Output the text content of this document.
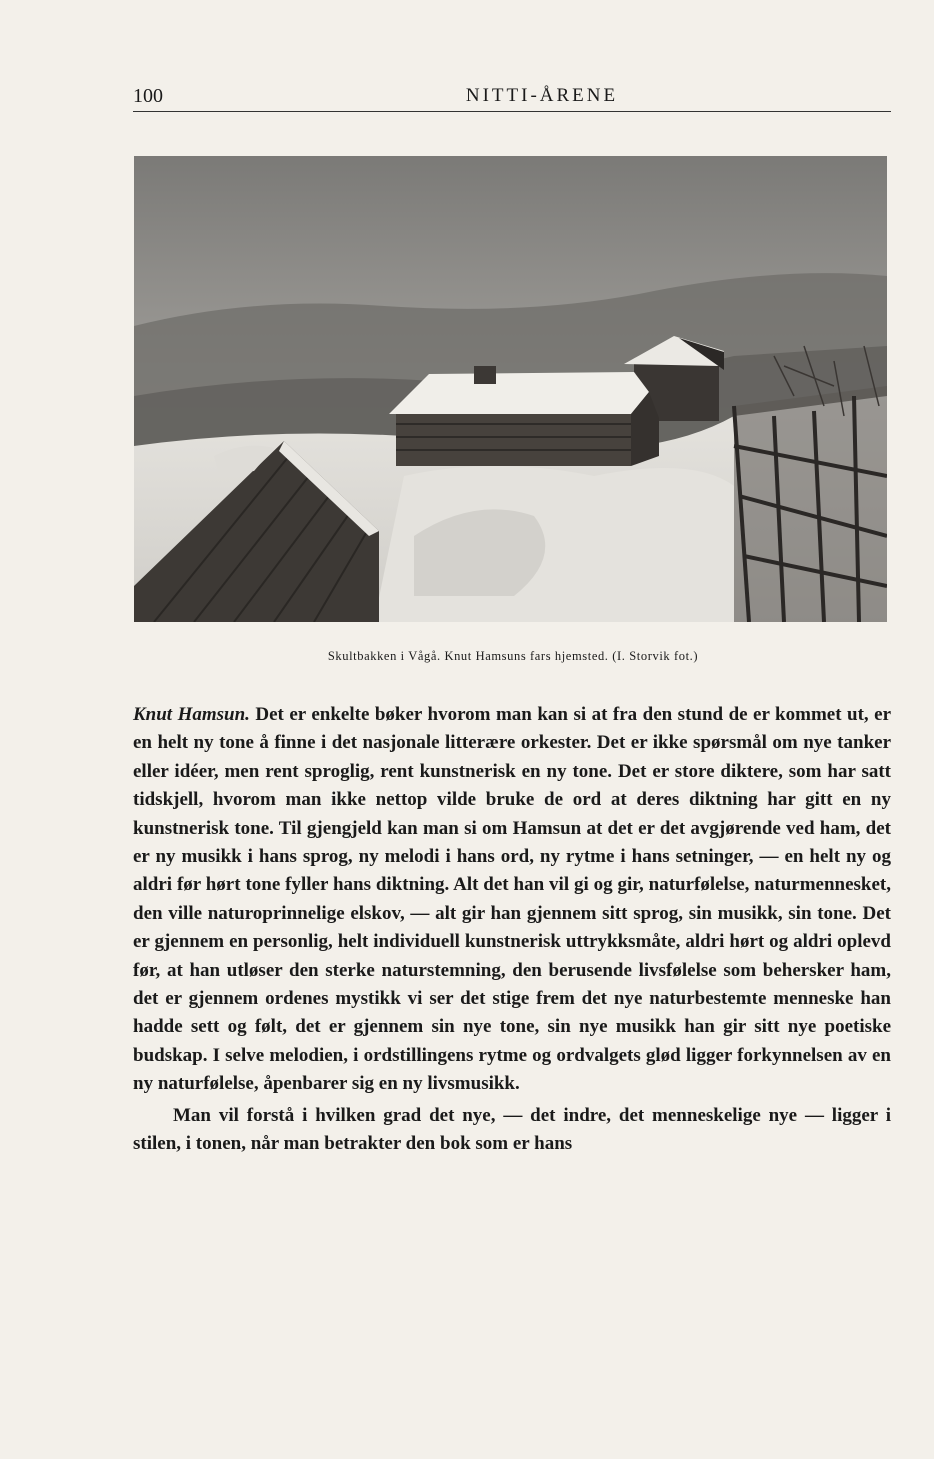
100	NITTI-ÅRENE
Skultbakken i Vågå. Knut Hamsuns fars hjemsted. (I. Storvik fot.)

Knut Hamsun. Det er enkelte bøker hvorom man kan si at fra den stund de er kommet ut, er en helt ny tone å finne i det nasjonale litterære orkester. Det er ikke spørsmål om nye tanker eller idéer, men rent sproglig, rent kunstnerisk en ny tone. Det er store diktere, som har satt tidskjell, hvorom man ikke nettop vilde bruke de ord at deres diktning har gitt en ny kunstnerisk tone. Til gjengjeld kan man si om Hamsun at det er det avgjørende ved ham, det er ny musikk i hans sprog, ny melodi i hans ord, ny rytme i hans setninger, — en helt ny og aldri før hørt tone fyller hans diktning. Alt det han vil gi og gir, naturfølelse, naturmennesket, den ville naturoprinnelige elskov, — alt gir han gjennem sitt sprog, sin musikk, sin tone. Det er gjennem en personlig, helt individuell kunstnerisk uttrykksmåte, aldri hørt og aldri oplevd før, at han utløser den sterke naturstemning, den berusende livsfølelse som behersker ham, det er gjennem ordenes mystikk vi ser det stige frem det nye naturbestemte menneske han hadde sett og følt, det er gjennem sin nye tone, sin nye musikk han gir sitt nye poetiske budskap. I selve melodien, i ordstillingens rytme og ordvalgets glød ligger forkynnelsen av en ny naturfølelse, åpenbarer sig en ny livsmusikk.

Man vil forstå i hvilken grad det nye, — det indre, det menneskelige nye — ligger i stilen, i tonen, når man betrakter den bok som er hans
